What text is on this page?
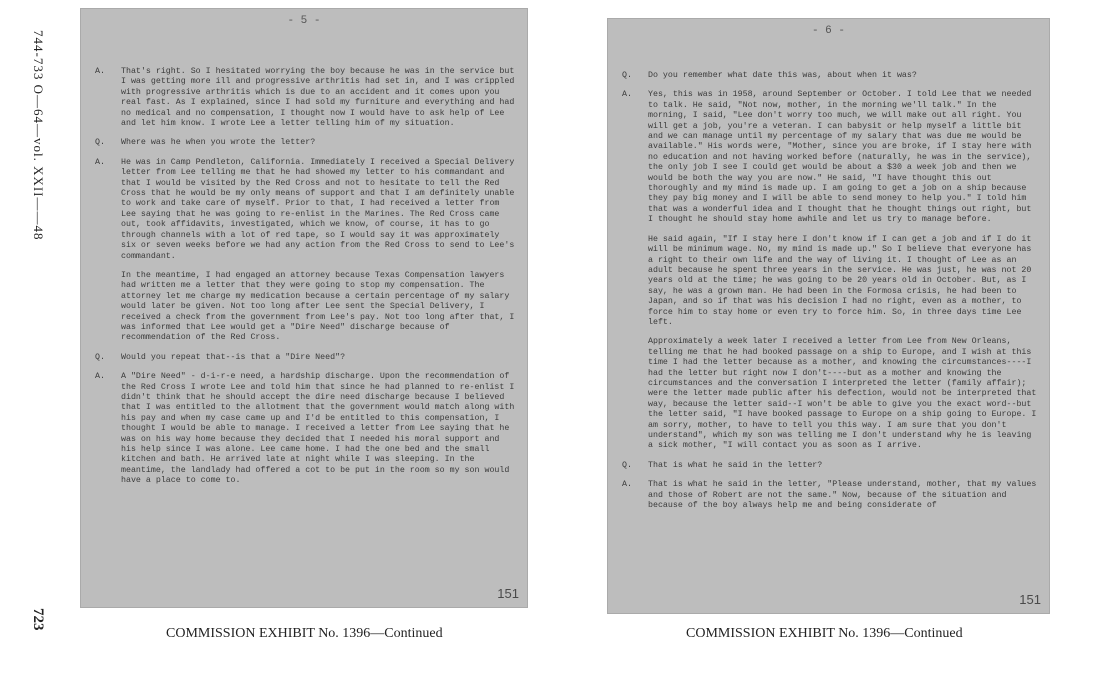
744-733 O—64—vol. XXII——48
723
- 5 -
A.	That's right. So I hesitated worrying the boy because he was in the service but I was getting more ill and progressive arthritis had set in, and I was crippled with progressive arthritis which is due to an accident and it comes upon you real fast. As I explained, since I had sold my furniture and everything and had no medical and no compensation, I thought now I would have to ask help of Lee and let him know. I wrote Lee a letter telling him of my situation.
Q.	Where was he when you wrote the letter?
A.	He was in Camp Pendleton, California. Immediately I received a Special Delivery letter from Lee telling me that he had showed my letter to his commandant and that I would be visited by the Red Cross and not to hesitate to tell the Red Cross that he would be my only means of support and that I am definitely unable to work and take care of myself. Prior to that, I had received a letter from Lee saying that he was going to re-enlist in the Marines. The Red Cross came out, took affidavits, investigated, which we know, of course, it has to go through channels with a lot of red tape, so I would say it was approximately six or seven weeks before we had any action from the Red Cross to send to Lee's commandant.
In the meantime, I had engaged an attorney because Texas Compensation lawyers had written me a letter that they were going to stop my compensation. The attorney let me charge my medication because a certain percentage of my salary would later be given. Not too long after Lee sent the Special Delivery, I received a check from the government from Lee's pay. Not too long after that, I was informed that Lee would get a "Dire Need" discharge because of recommendation of the Red Cross.
Q.	Would you repeat that--is that a "Dire Need"?
A.	A "Dire Need" - d-i-r-e need, a hardship discharge. Upon the recommendation of the Red Cross I wrote Lee and told him that since he had planned to re-enlist I didn't think that he should accept the dire need discharge because I believed that I was entitled to the allotment that the government would match along with his pay and when my case came up and I'd be entitled to this compensation, I thought I would be able to manage. I received a letter from Lee saying that he was on his way home because they decided that I needed his moral support and his help since I was alone. Lee came home. I had the one bed and the small kitchen and bath. He arrived late at night while I was sleeping. In the meantime, the landlady had offered a cot to be put in the room so my son would have a place to come to.
151
- 6 -
Q.	Do you remember what date this was, about when it was?
A.	Yes, this was in 1958, around September or October. I told Lee that we needed to talk. He said, "Not now, mother, in the morning we'll talk." In the morning, I said, "Lee don't worry too much, we will make out all right. You will get a job, you're a veteran. I can babysit or help myself a little bit and we can manage until my percentage of my salary that was due me would be available." His words were, "Mother, since you are broke, if I stay here with no education and not having worked before (naturally, he was in the service), the only job I see I could get would be about a $30 a week job and then we would be both the way you are now." He said, "I have thought this out thoroughly and my mind is made up. I am going to get a job on a ship because they pay big money and I will be able to send money to help you." I told him that was a wonderful idea and I thought that he thought things out right, but I thought he should stay home awhile and let us try to manage before.
He said again, "If I stay here I don't know if I can get a job and if I do it will be minimum wage. No, my mind is made up." So I believe that everyone has a right to their own life and the way of living it. I thought of Lee as an adult because he spent three years in the service. He was just, he was not 20 years old at the time; he was going to be 20 years old in October. But, as I say, he was a grown man. He had been in the Formosa crisis, he had been to Japan, and so if that was his decision I had no right, even as a mother, to force him to stay home or even try to force him. So, in three days time Lee left.
Approximately a week later I received a letter from Lee from New Orleans, telling me that he had booked passage on a ship to Europe, and I wish at this time I had the letter because as a mother, and knowing the circumstances----I had the letter but right now I don't----but as a mother and knowing the circumstances and the conversation I interpreted the letter (family affair); were the letter made public after his defection, would not be interpreted that way, because the letter said--I won't be able to give you the exact word--but the letter said, "I have booked passage to Europe on a ship going to Europe. I am sorry, mother, to have to tell you this way. I am sure that you don't understand", which my son was telling me I don't understand why he is leaving a sick mother, "I will contact you as soon as I arrive.
Q.	That is what he said in the letter?
A.	That is what he said in the letter, "Please understand, mother, that my values and those of Robert are not the same." Now, because of the situation and because of the boy always help me and being considerate of
151
COMMISSION EXHIBIT No. 1396—Continued	COMMISSION EXHIBIT No. 1396—Continued
